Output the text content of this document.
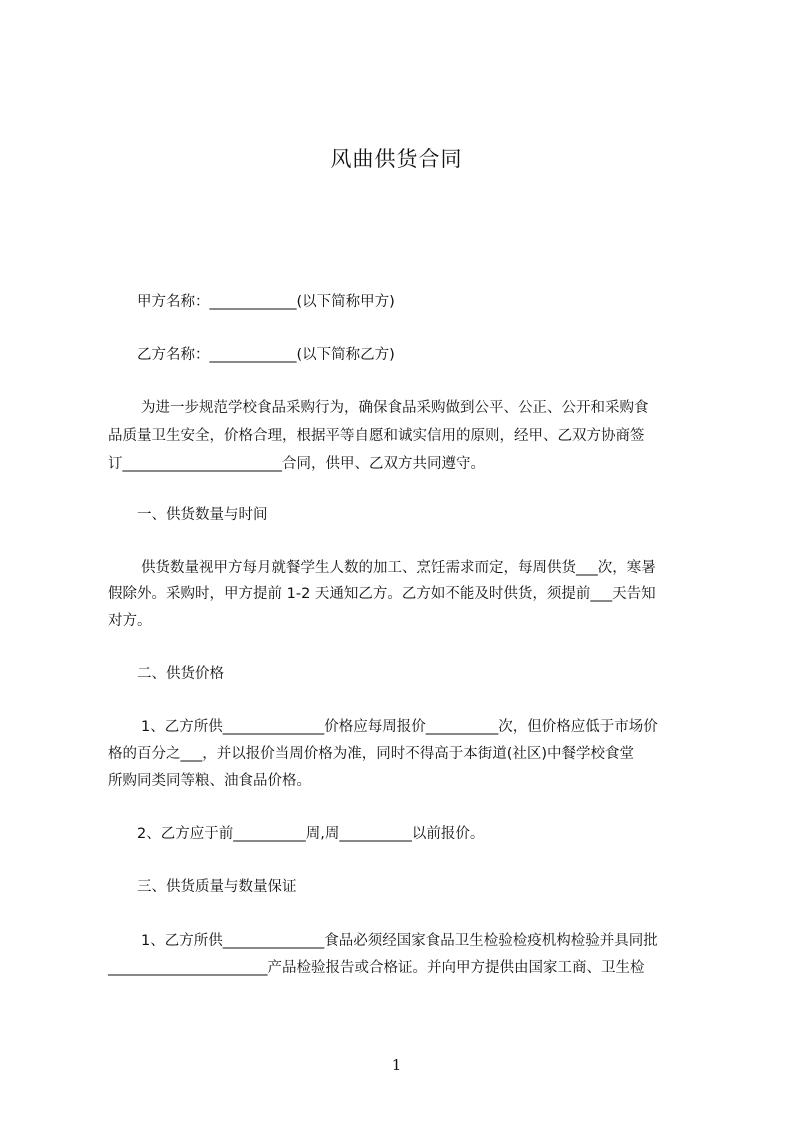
风曲供货合同
甲方名称：____________(以下简称甲方)
乙方名称：____________(以下简称乙方)
为进一步规范学校食品采购行为，确保食品采购做到公平、公正、公开和采购食
品质量卫生安全，价格合理，根据平等自愿和诚实信用的原则，经甲、乙双方协商签
订______________________合同，供甲、乙双方共同遵守。
一、供货数量与时间
供货数量视甲方每月就餐学生人数的加工、烹饪需求而定，每周供货___次，寒暑
假除外。采购时，甲方提前 1-2 天通知乙方。乙方如不能及时供货，须提前___天告知
对方。
二、供货价格
1、乙方所供______________价格应每周报价__________次，但价格应低于市场价
格的百分之___，并以报价当周价格为准，同时不得高于本街道(社区)中餐学校食堂
所购同类同等粮、油食品价格。
2、乙方应于前__________周,周__________以前报价。
三、供货质量与数量保证
1、乙方所供______________食品必须经国家食品卫生检验检疫机构检验并具同批
______________________产品检验报告或合格证。并向甲方提供由国家工商、卫生检
1
